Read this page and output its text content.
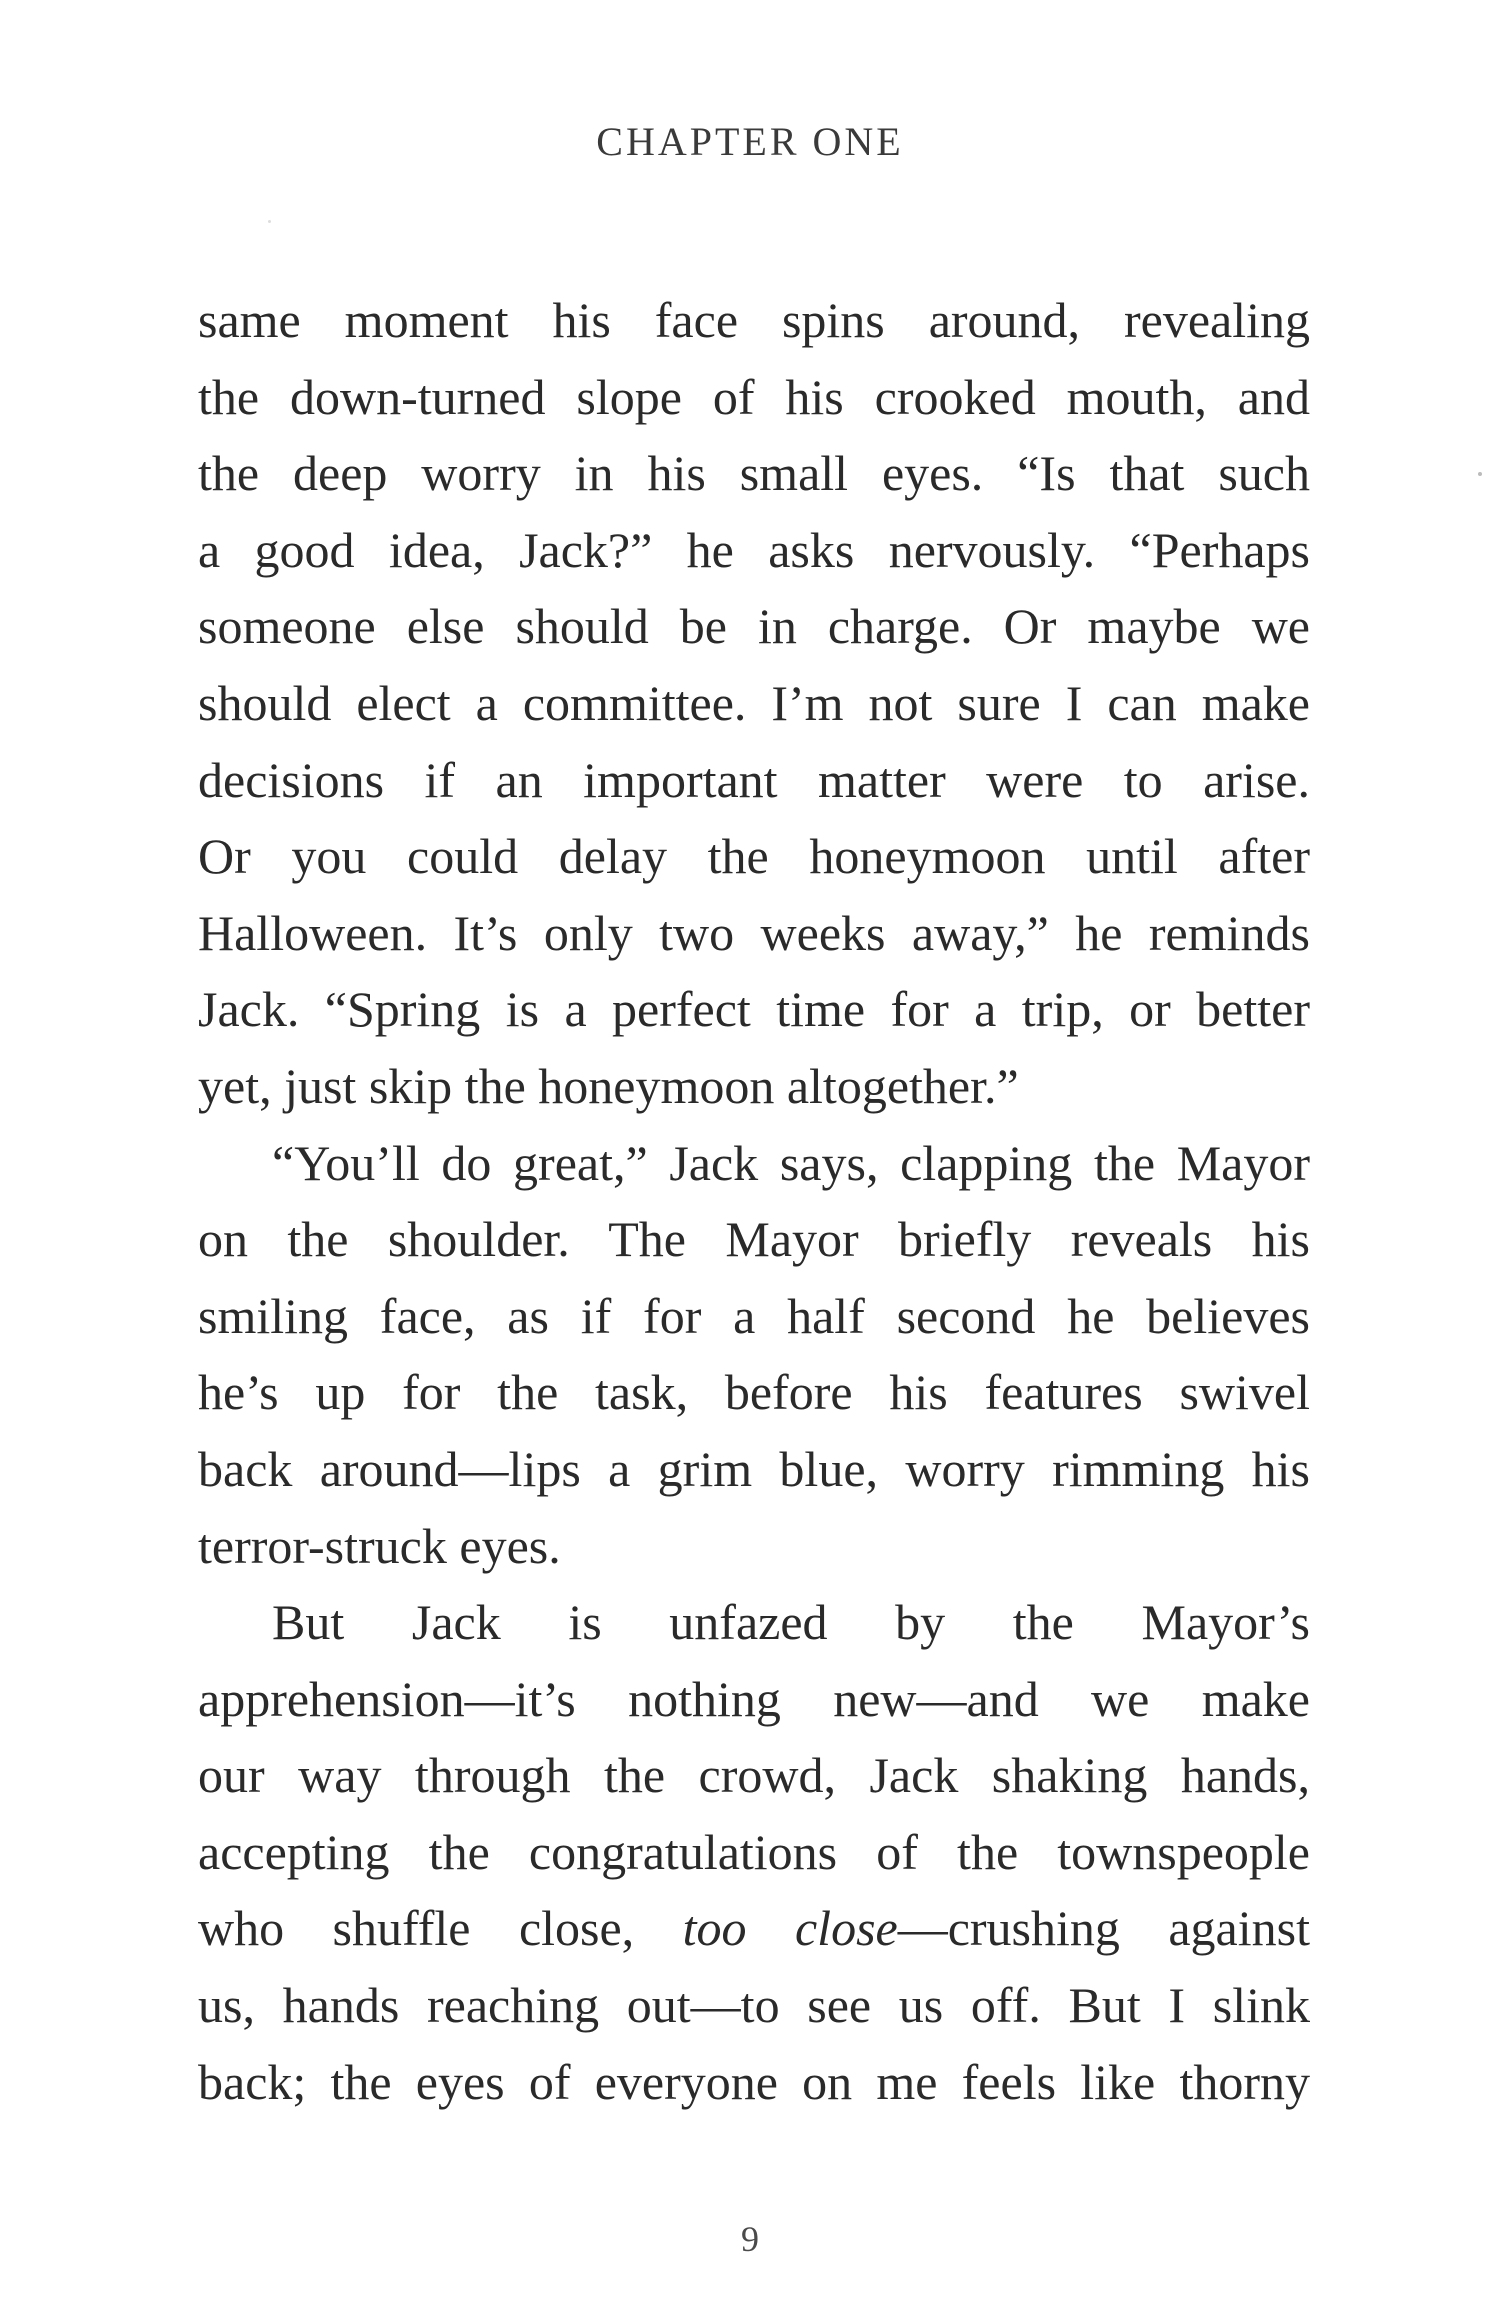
CHAPTER ONE
same moment his face spins around, revealing
the down-turned slope of his crooked mouth, and
the deep worry in his small eyes. “Is that such
a good idea, Jack?” he asks nervously. “Perhaps
someone else should be in charge. Or maybe we
should elect a committee. I’m not sure I can make
decisions if an important matter were to arise.
Or you could delay the honeymoon until after
Halloween. It’s only two weeks away,” he reminds
Jack. “Spring is a perfect time for a trip, or better
yet, just skip the honeymoon altogether.”
“You’ll do great,” Jack says, clapping the Mayor
on the shoulder. The Mayor briefly reveals his
smiling face, as if for a half second he believes
he’s up for the task, before his features swivel
back around—lips a grim blue, worry rimming his
terror-struck eyes.
But Jack is unfazed by the Mayor’s
apprehension—it’s nothing new—and we make
our way through the crowd, Jack shaking hands,
accepting the congratulations of the townspeople
who shuffle close, too close—crushing against
us, hands reaching out—to see us off. But I slink
back; the eyes of everyone on me feels like thorny
9
